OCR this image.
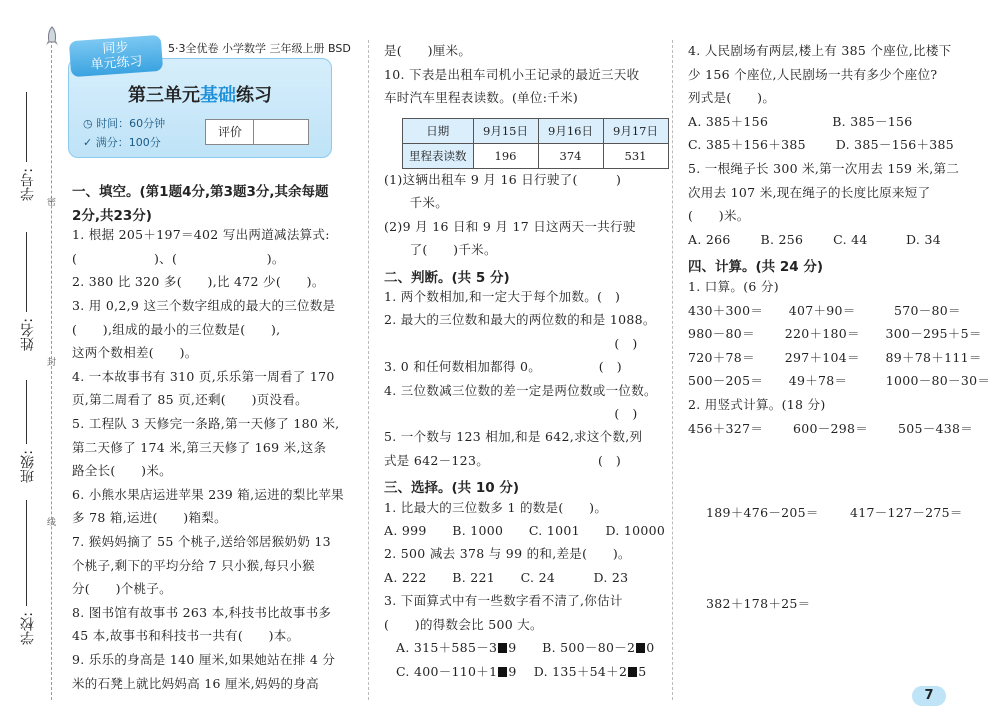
密
封
线
学号:
姓名:
班级:
学校:
5·3全优卷 小学数学 三年级上册 BSD
第三单元基础练习
◷ 时间：60分钟
✓ 满分：100分
评价
同步
单元练习
一、填空。(第1题4分,第3题3分,其余每题
2分,共23分)
1. 根据 205＋197＝402 写出两道减法算式:
(　　　　　　)、(　　　　　　　)。
2. 380 比 320 多(　　),比 472 少(　　)。
3. 用 0,2,9 这三个数字组成的最大的三位数是
(　　),组成的最小的三位数是(　　),
这两个数相差(　　)。
4. 一本故事书有 310 页,乐乐第一周看了 170
页,第二周看了 85 页,还剩(　　)页没看。
5. 工程队 3 天修完一条路,第一天修了 180 米,
第二天修了 174 米,第三天修了 169 米,这条
路全长(　　)米。
6. 小熊水果店运进苹果 239 箱,运进的梨比苹果
多 78 箱,运进(　　)箱梨。
7. 猴妈妈摘了 55 个桃子,送给邻居猴奶奶 13
个桃子,剩下的平均分给 7 只小猴,每只小猴
分(　　)个桃子。
8. 图书馆有故事书 263 本,科技书比故事书多
45 本,故事书和科技书一共有(　　)本。
9. 乐乐的身高是 140 厘米,如果她站在排 4 分
米的石凳上就比妈妈高 16 厘米,妈妈的身高
是(　　)厘米。
10. 下表是出租车司机小王记录的最近三天收
车时汽车里程表读数。(单位:千米)
日期	9月15日	9月16日	9月17日
里程表读数	196	374	531
(1)这辆出租车 9 月 16 日行驶了(　　　)
　　千米。
(2)9 月 16 日和 9 月 17 日这两天一共行驶
　　了(　　)千米。
二、判断。(共 5 分)
1. 两个数相加,和一定大于每个加数。(　)
2. 最大的三位数和最大的两位数的和是 1088。
　　　　　　　　　　　　　　　　　　(　)
3. 0 和任何数相加都得 0。　　　　　(　)
4. 三位数减三位数的差一定是两位数或一位数。
　　　　　　　　　　　　　　　　　　(　)
5. 一个数与 123 相加,和是 642,求这个数,列
式是 642－123。　　　　　　　　　(　)
三、选择。(共 10 分)
1. 比最大的三位数多 1 的数是(　　)。
A. 999　　B. 1000　　C. 1001　　D. 10000
2. 500 减去 378 与 99 的和,差是(　　)。
A. 222　　B. 221　　C. 24　　　D. 23
3. 下面算式中有一些数字看不清了,你估计
(　　)的得数会比 500 大。
A. 315＋585－3 9　　 B. 500－80－2 0
C. 400－110＋1 9　 D. 135＋54＋2 5
4. 人民剧场有两层,楼上有 385 个座位,比楼下
少 156 个座位,人民剧场一共有多少个座位?
列式是(　　)。
A. 385＋156　　　　　B. 385－156
C. 385＋156＋385　　 D. 385－156＋385
5. 一根绳子长 300 米,第一次用去 159 米,第二
次用去 107 米,现在绳子的长度比原来短了
(　　)米。
A. 266　　 B. 256　　 C. 44　　　D. 34
四、计算。(共 24 分)
1. 口算。(6 分)
430＋300＝　　407＋90＝　　　570－80＝
980－80＝　　 220＋180＝　　300－295＋5＝
720＋78＝　　 297＋104＝　　89＋78＋111＝
500－205＝　　49＋78＝　　　1000－80－30＝
2. 用竖式计算。(18 分)
456＋327＝　　 600－298＝　　 505－438＝
189＋476－205＝	417－127－275＝
382＋178＋25＝
7
